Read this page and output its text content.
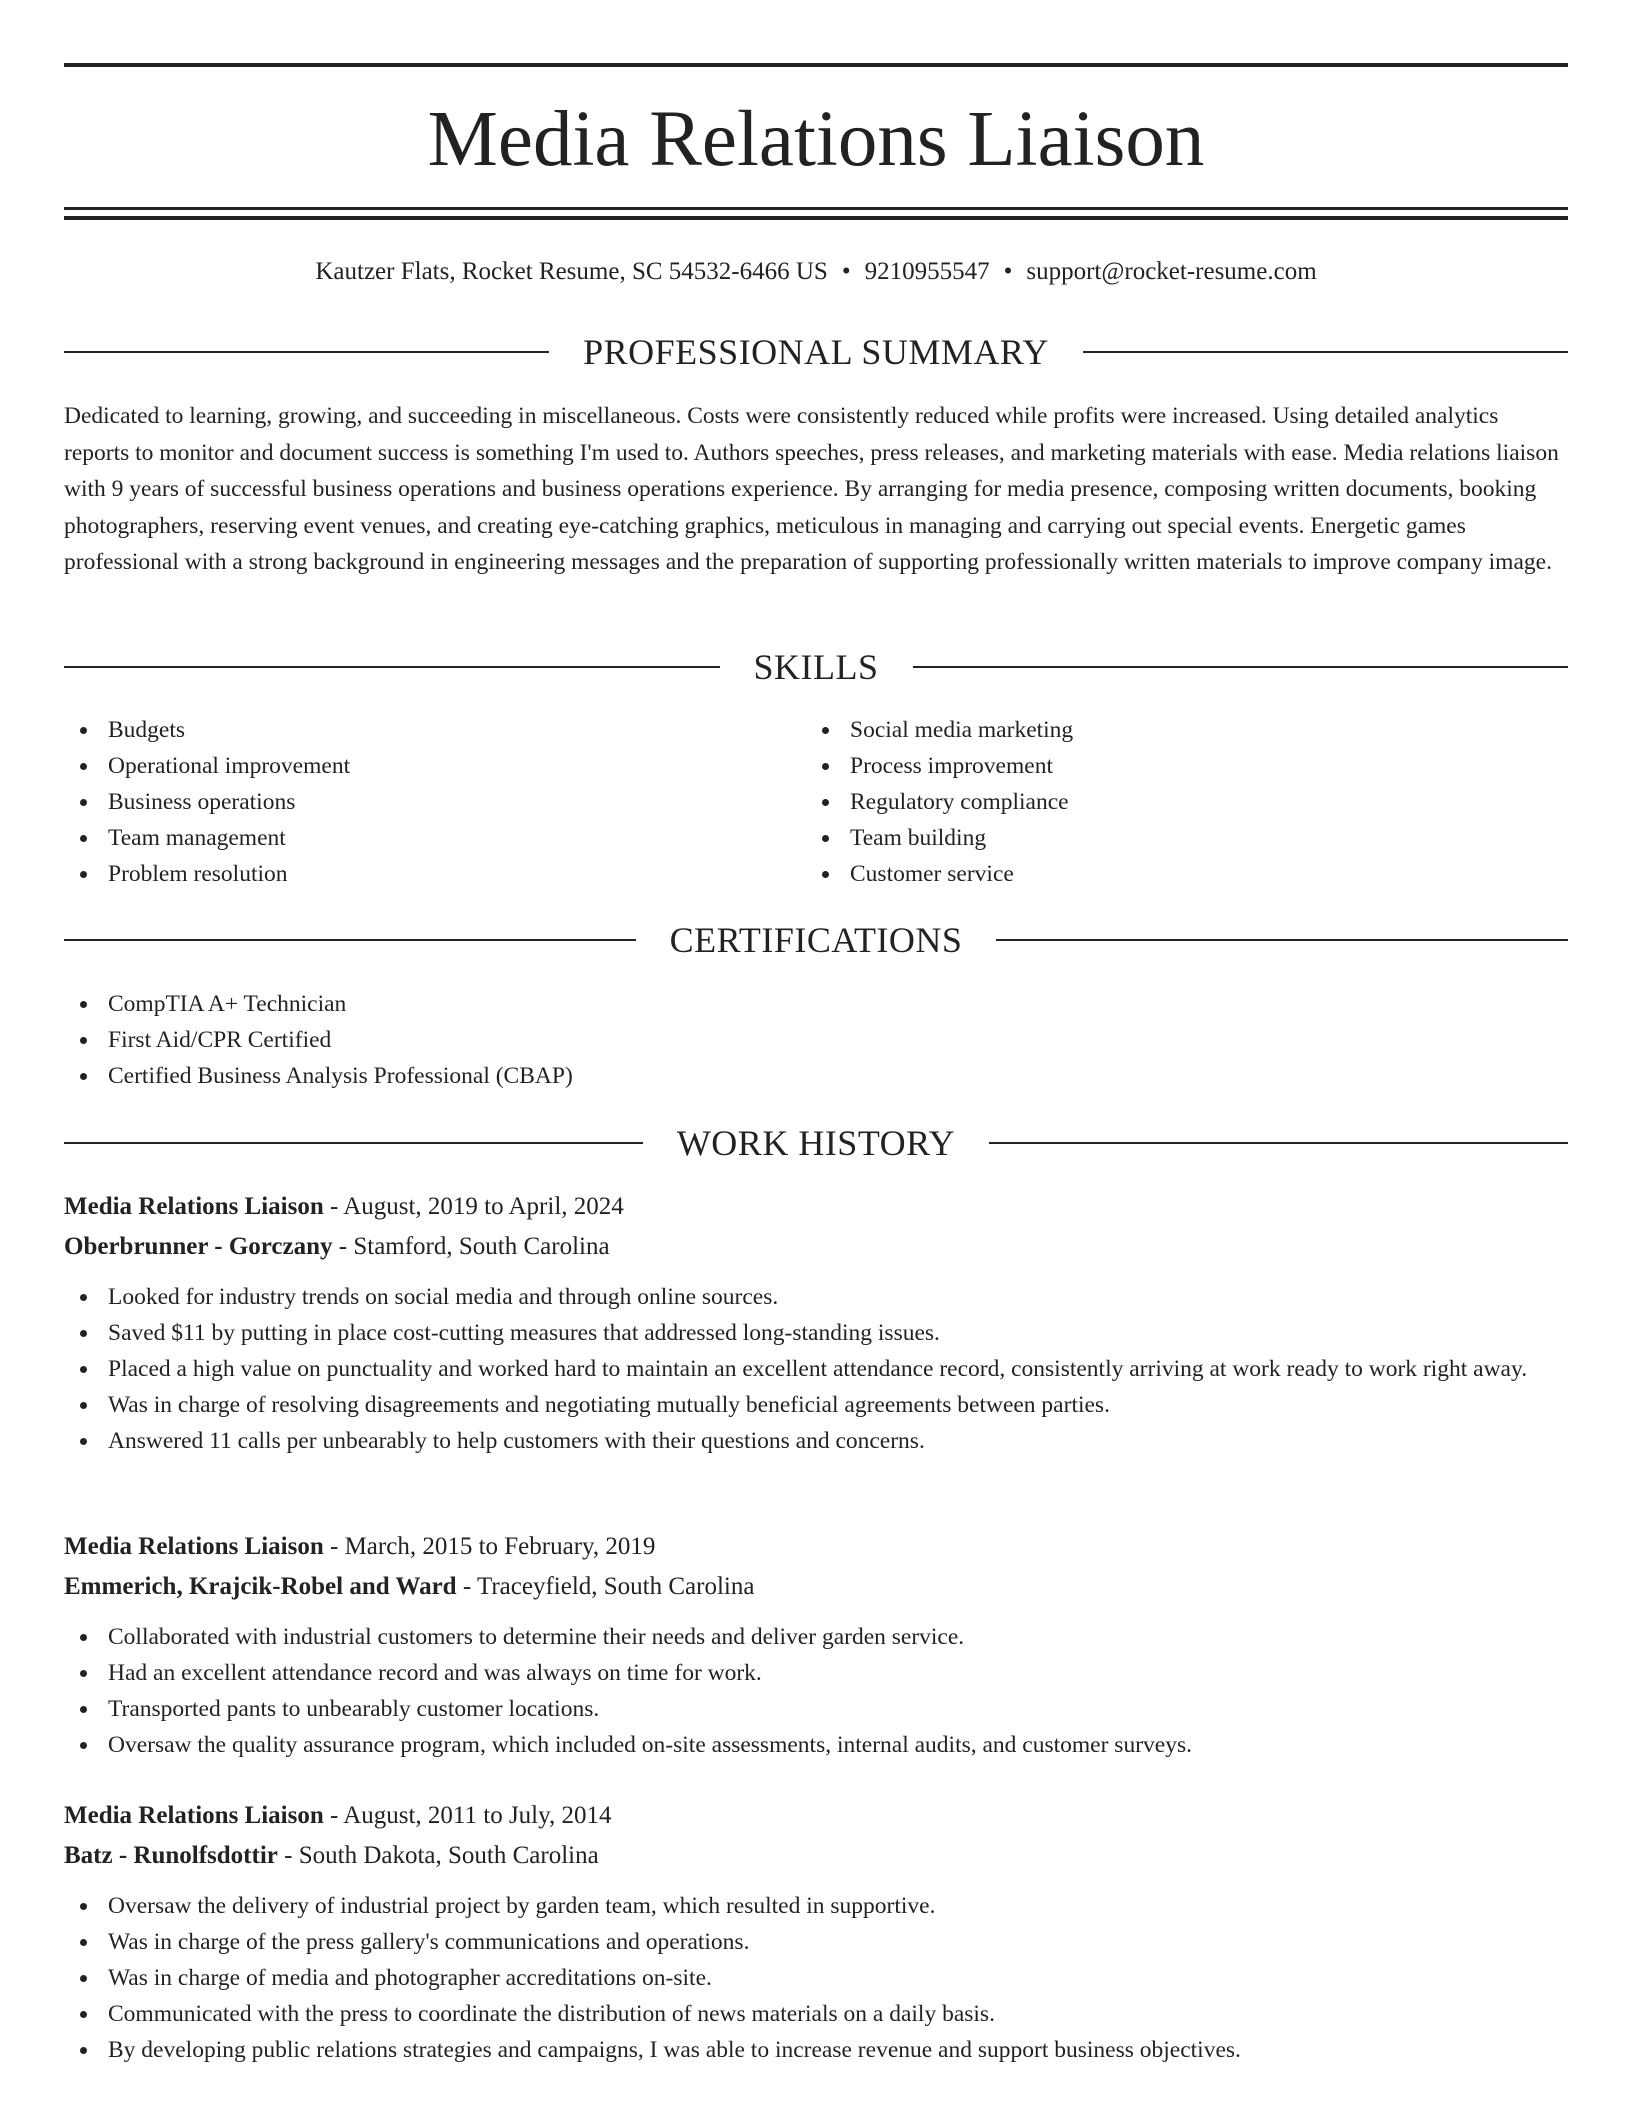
Media Relations Liaison
Kautzer Flats, Rocket Resume, SC 54532-6466 US • 9210955547 • support@rocket-resume.com
PROFESSIONAL SUMMARY

Dedicated to learning, growing, and succeeding in miscellaneous. Costs were consistently reduced while profits were increased. Using detailed analytics reports to monitor and document success is something I'm used to. Authors speeches, press releases, and marketing materials with ease. Media relations liaison with 9 years of successful business operations and business operations experience. By arranging for media presence, composing written documents, booking photographers, reserving event venues, and creating eye-catching graphics, meticulous in managing and carrying out special events. Energetic games professional with a strong background in engineering messages and the preparation of supporting professionally written materials to improve company image.

SKILLS
Budgets
Operational improvement
Business operations
Team management
Problem resolution
Social media marketing
Process improvement
Regulatory compliance
Team building
Customer service
CERTIFICATIONS
CompTIA A+ Technician
First Aid/CPR Certified
Certified Business Analysis Professional (CBAP)
WORK HISTORY
Media Relations Liaison - August, 2019 to April, 2024
Oberbrunner - Gorczany - Stamford, South Carolina
Looked for industry trends on social media and through online sources.
Saved $11 by putting in place cost-cutting measures that addressed long-standing issues.
Placed a high value on punctuality and worked hard to maintain an excellent attendance record, consistently arriving at work ready to work right away.
Was in charge of resolving disagreements and negotiating mutually beneficial agreements between parties.
Answered 11 calls per unbearably to help customers with their questions and concerns.
Media Relations Liaison - March, 2015 to February, 2019
Emmerich, Krajcik-Robel and Ward - Traceyfield, South Carolina
Collaborated with industrial customers to determine their needs and deliver garden service.
Had an excellent attendance record and was always on time for work.
Transported pants to unbearably customer locations.
Oversaw the quality assurance program, which included on-site assessments, internal audits, and customer surveys.
Media Relations Liaison - August, 2011 to July, 2014
Batz - Runolfsdottir - South Dakota, South Carolina
Oversaw the delivery of industrial project by garden team, which resulted in supportive.
Was in charge of the press gallery's communications and operations.
Was in charge of media and photographer accreditations on-site.
Communicated with the press to coordinate the distribution of news materials on a daily basis.
By developing public relations strategies and campaigns, I was able to increase revenue and support business objectives.
